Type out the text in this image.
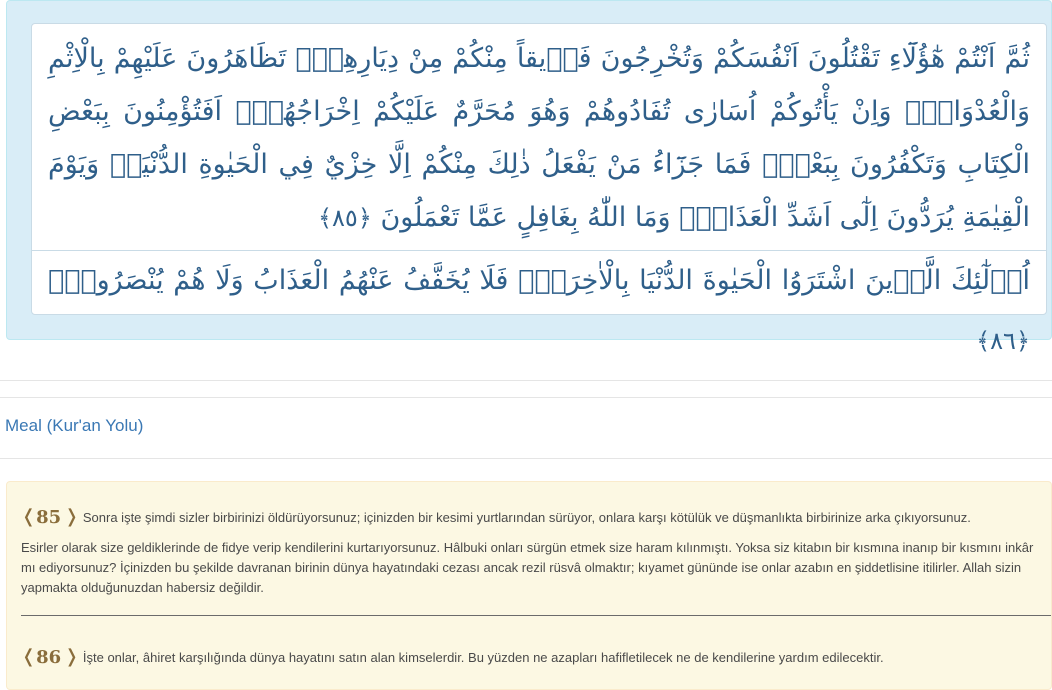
ثُمَّ اَنْتُمْ هٰٓؤُلَٓاءِ تَقْتُلُونَ اَنْفُسَكُمْ وَتُخْرِجُونَ فَر۪يقاً مِنْكُمْ مِنْ دِيَارِهِمْۘ تَظَاهَرُونَ عَلَيْهِمْ بِالْاِثْمِ وَالْعُدْوَانِۜ وَاِنْ يَأْتُوكُمْ اُسَارٰى تُفَادُوهُمْ وَهُوَ مُحَرَّمٌ عَلَيْكُمْ اِخْرَاجُهُمْۜ اَفَتُؤْمِنُونَ بِبَعْضِ الْكِتَابِ وَتَكْفُرُونَ بِبَعْضٍۚ فَمَا جَزَٓاءُ مَنْ يَفْعَلُ ذٰلِكَ مِنْكُمْ اِلَّا خِزْيٌ فِي الْحَيٰوةِ الدُّنْيَاۚ وَيَوْمَ الْقِيٰمَةِ يُرَدُّونَ اِلٰٓى اَشَدِّ الْعَذَابِۜ وَمَا اللّٰهُ بِغَافِلٍ عَمَّا تَعْمَلُونَ ﴿٨٥﴾
اُو۬لٰٓئِكَ الَّذ۪ينَ اشْتَرَوُا الْحَيٰوةَ الدُّنْيَا بِالْاٰخِرَةِۘ فَلَا يُخَفَّفُ عَنْهُمُ الْعَذَابُ وَلَا هُمْ يُنْصَرُونَ۟ ﴿٨٦﴾
Meal (Kur'an Yolu)
❬85 ❭ Sonra işte şimdi sizler birbirinizi öldürüyorsunuz; içinizden bir kesimi yurtlarından sürüyor, onlara karşı kötülük ve düşmanlıkta birbirinize arka çıkıyorsunuz.
Esirler olarak size geldiklerinde de fidye verip kendilerini kurtarıyorsunuz. Hâlbuki onları sürgün etmek size haram kılınmıştı. Yoksa siz kitabın bir kısmına inanıp bir kısmını inkâr mı ediyorsunuz? İçinizden bu şekilde davranan birinin dünya hayatındaki cezası ancak rezil rüsvâ olmaktır; kıyamet gününde ise onlar azabın en şiddetlisine itilirler. Allah sizin yapmakta olduğunuzdan habersiz değildir.
❬86 ❭ İşte onlar, âhiret karşılığında dünya hayatını satın alan kimselerdir. Bu yüzden ne azapları hafifletilecek ne de kendilerine yardım edilecektir.
